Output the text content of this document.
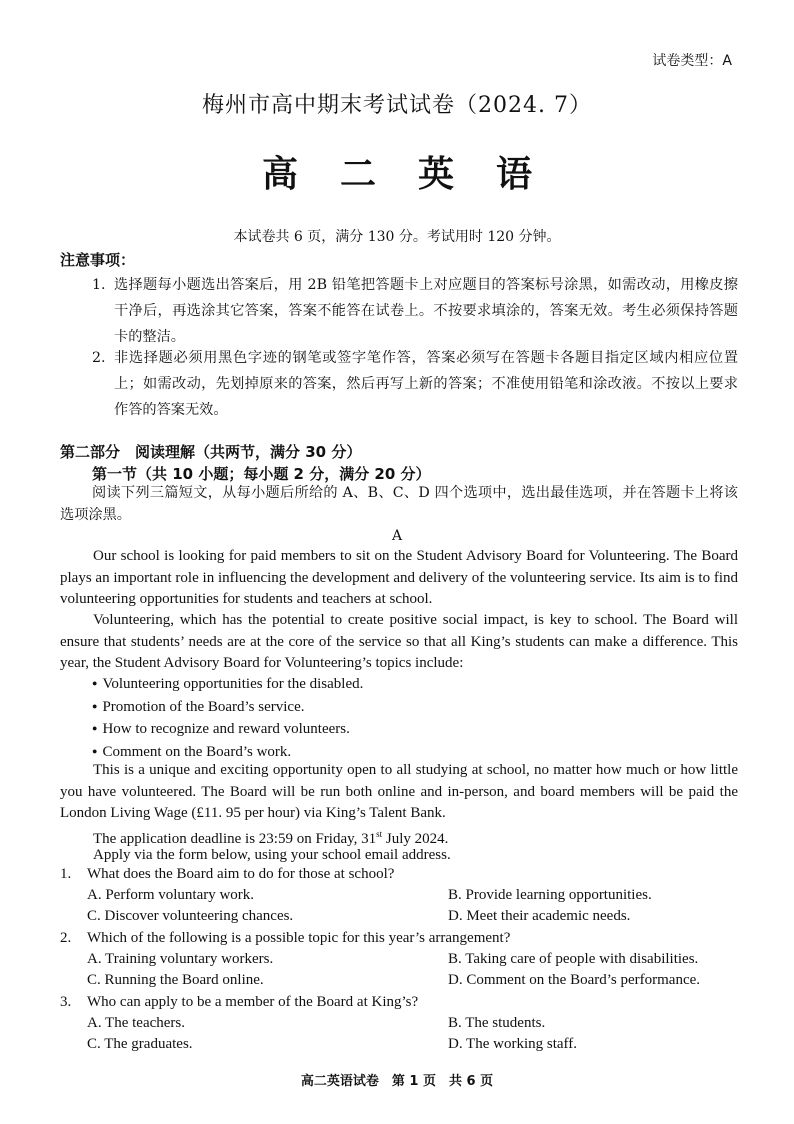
试卷类型：A
梅州市高中期末考试试卷（2024. 7）
高二英语
本试卷共 6 页，满分 130 分。考试用时 120 分钟。
注意事项：
1. 选择题每小题选出答案后，用 2B 铅笔把答题卡上对应题目的答案标号涂黑，如需改动，用橡皮擦干净后，再选涂其它答案，答案不能答在试卷上。不按要求填涂的，答案无效。考生必须保持答题卡的整洁。
2. 非选择题必须用黑色字迹的钢笔或签字笔作答，答案必须写在答题卡各题目指定区域内相应位置上；如需改动，先划掉原来的答案，然后再写上新的答案；不准使用铅笔和涂改液。不按以上要求作答的答案无效。
第二部分　阅读理解（共两节，满分 30 分）
第一节（共 10 小题；每小题 2 分，满分 20 分）
阅读下列三篇短文，从每小题后所给的 A、B、C、D 四个选项中，选出最佳选项，并在答题卡上将该选项涂黑。
A
Our school is looking for paid members to sit on the Student Advisory Board for Volunteering. The Board plays an important role in influencing the development and delivery of the volunteering service. Its aim is to find volunteering opportunities for students and teachers at school.
Volunteering, which has the potential to create positive social impact, is key to school. The Board will ensure that students’ needs are at the core of the service so that all King’s students can make a difference. This year, the Student Advisory Board for Volunteering’s topics include:
● Volunteering opportunities for the disabled.
● Promotion of the Board’s service.
● How to recognize and reward volunteers.
● Comment on the Board’s work.
This is a unique and exciting opportunity open to all studying at school, no matter how much or how little you have volunteered. The Board will be run both online and in-person, and board members will be paid the London Living Wage (£11. 95 per hour) via King’s Talent Bank.
The application deadline is 23:59 on Friday, 31st July 2024.
Apply via the form below, using your school email address.
1. What does the Board aim to do for those at school?
A. Perform voluntary work.	B. Provide learning opportunities.
C. Discover volunteering chances.	D. Meet their academic needs.
2. Which of the following is a possible topic for this year’s arrangement?
A. Training voluntary workers.	B. Taking care of people with disabilities.
C. Running the Board online.	D. Comment on the Board’s performance.
3. Who can apply to be a member of the Board at King’s?
A. The teachers.	B. The students.
C. The graduates.	D. The working staff.
高二英语试卷　第 1 页　共 6 页
